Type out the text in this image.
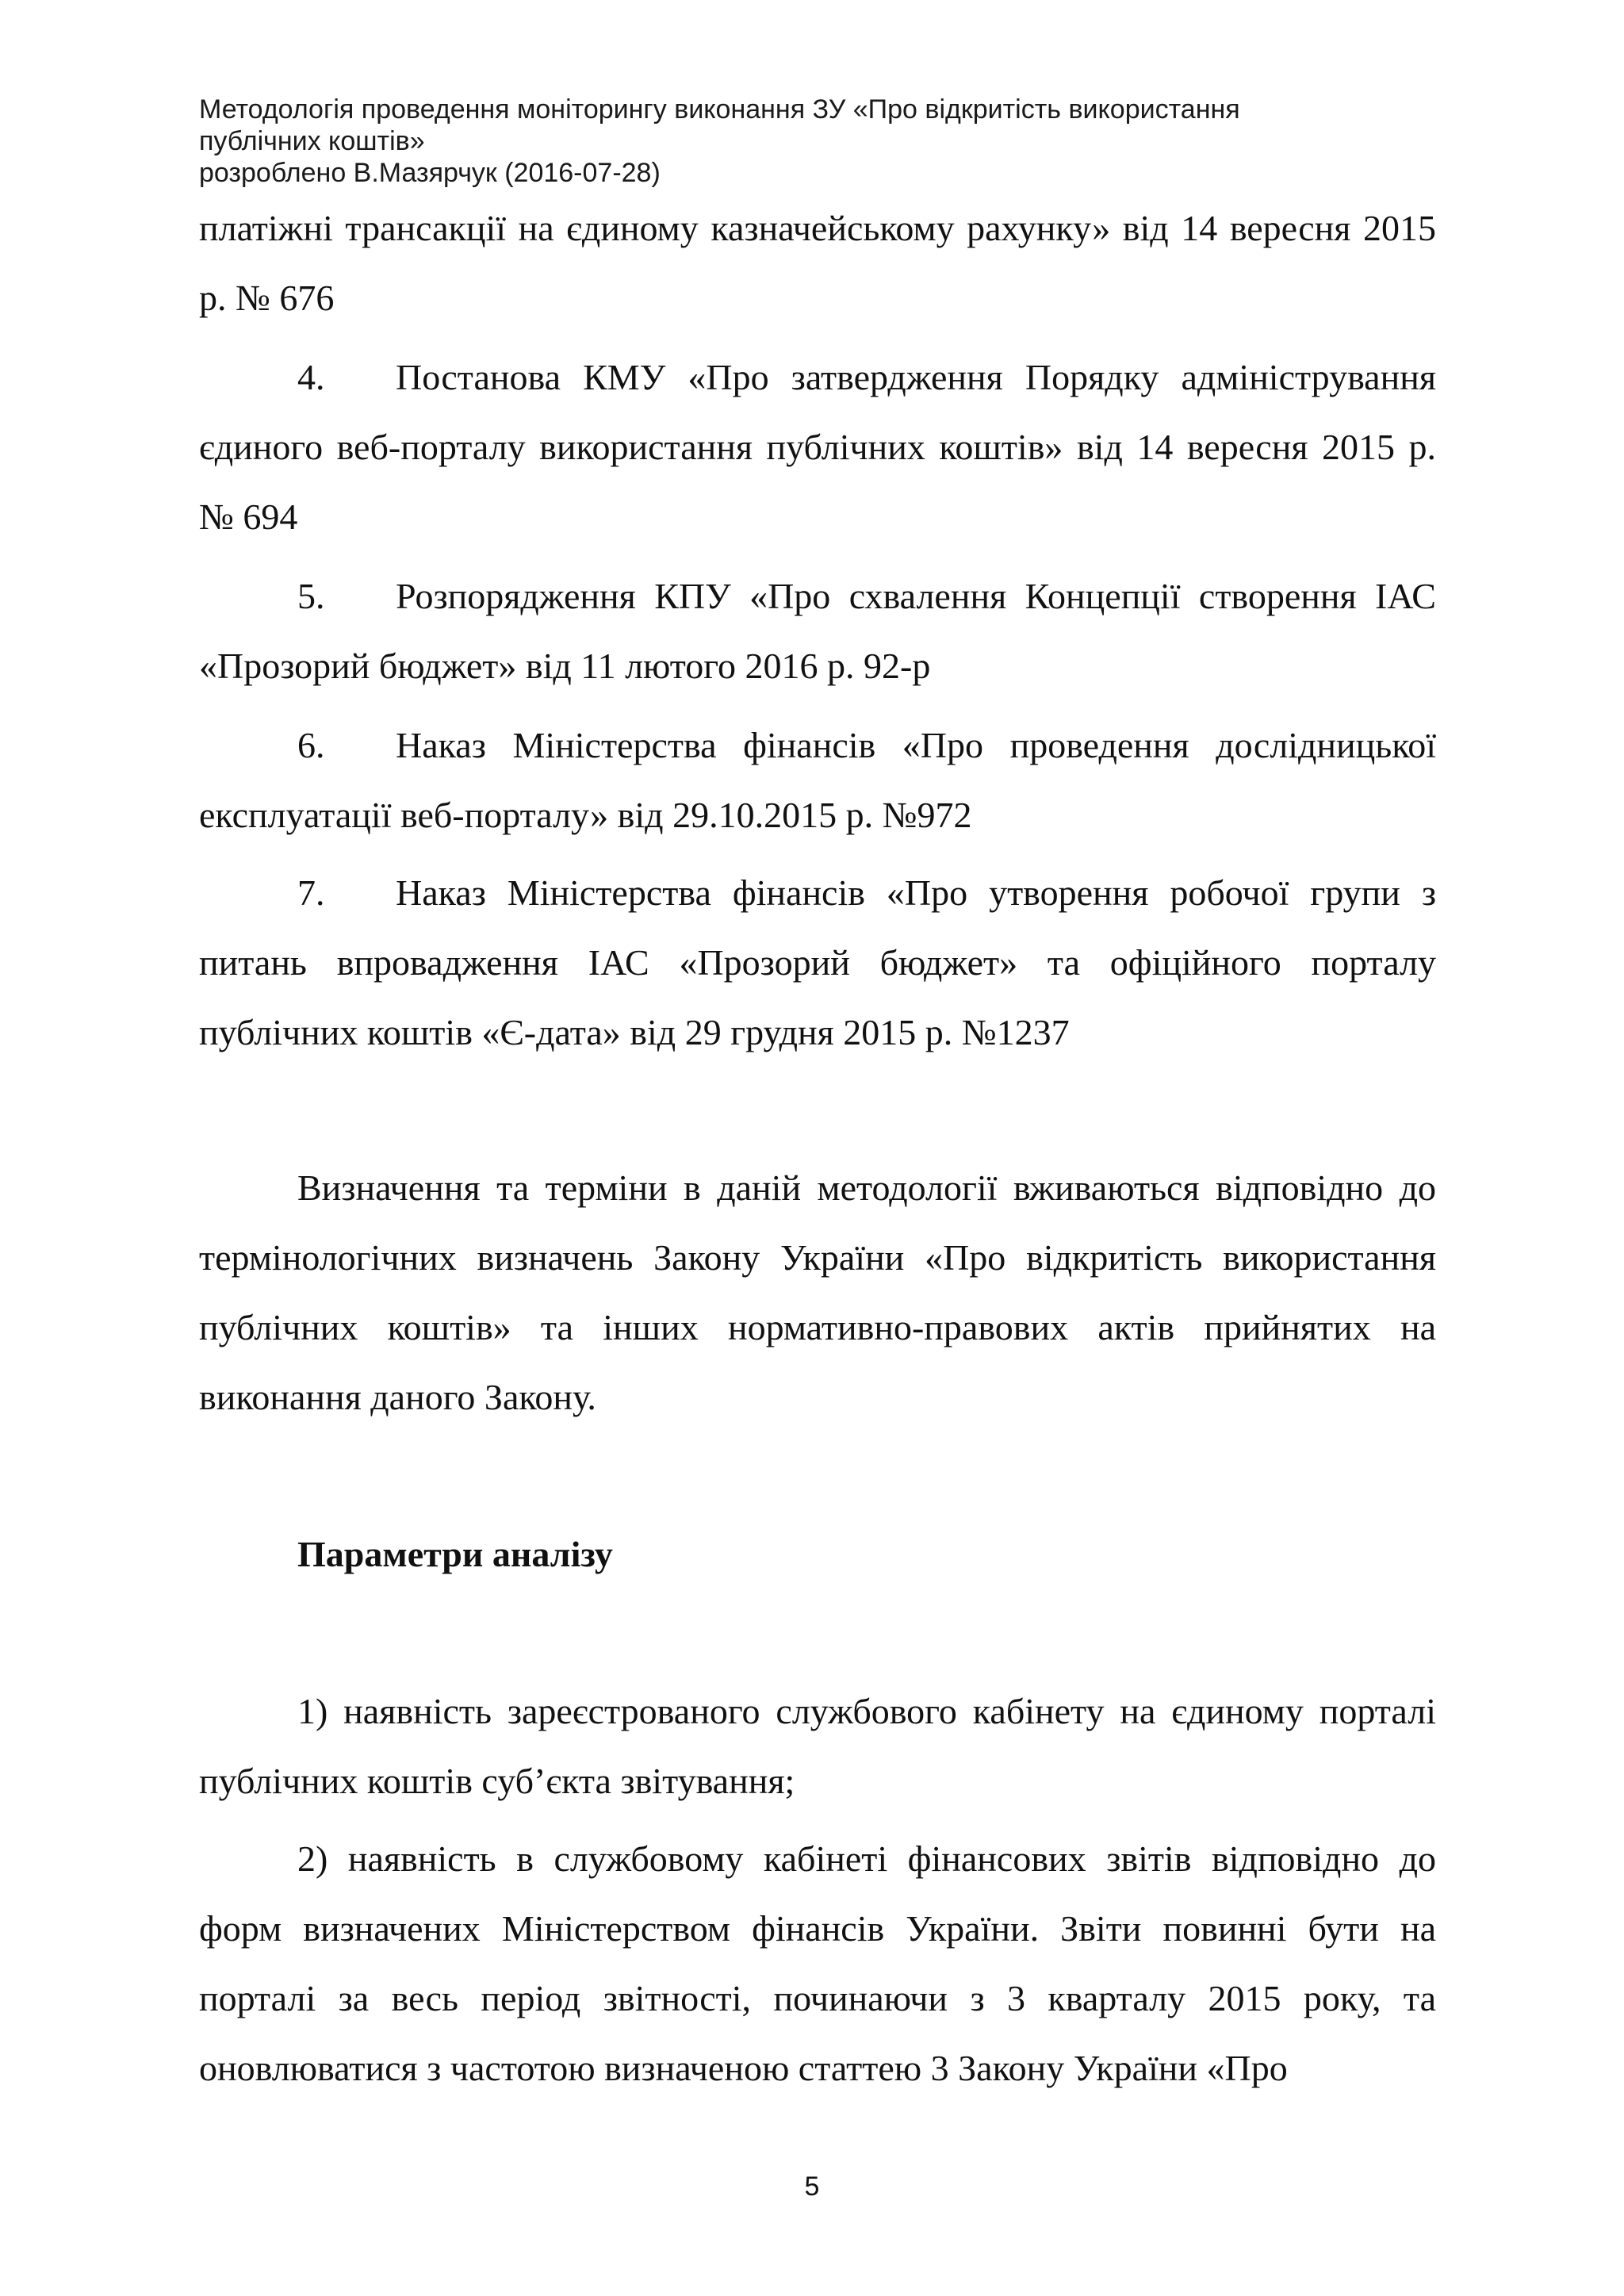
Методологія проведення моніторингу виконання ЗУ «Про відкритість використання
публічних коштів»
розроблено В.Мазярчук (2016-07-28)
платіжні трансакції на єдиному казначейському рахунку» від 14 вересня 2015 р. № 676
4. Постанова КМУ «Про затвердження Порядку адміністрування єдиного веб-порталу використання публічних коштів» від 14 вересня 2015 р. № 694
5. Розпорядження КПУ «Про схвалення Концепції створення ІАС «Прозорий бюджет» від 11 лютого 2016 р. 92-р
6. Наказ Міністерства фінансів «Про проведення дослідницької експлуатації веб-порталу» від 29.10.2015 р. №972
7. Наказ Міністерства фінансів «Про утворення робочої групи з питань впровадження ІАС «Прозорий бюджет» та офіційного порталу публічних коштів «Є-дата» від 29 грудня 2015 р. №1237
Визначення та терміни в даній методології вживаються відповідно до термінологічних визначень Закону України «Про відкритість використання публічних коштів» та інших нормативно-правових актів прийнятих на виконання даного Закону.
Параметри аналізу
1) наявність зареєстрованого службового кабінету на єдиному порталі публічних коштів суб’єкта звітування;
2) наявність в службовому кабінеті фінансових звітів відповідно до форм визначених Міністерством фінансів України. Звіти повинні бути на порталі за весь період звітності, починаючи з 3 кварталу 2015 року, та оновлюватися з частотою визначеною статтею 3 Закону України «Про
5
